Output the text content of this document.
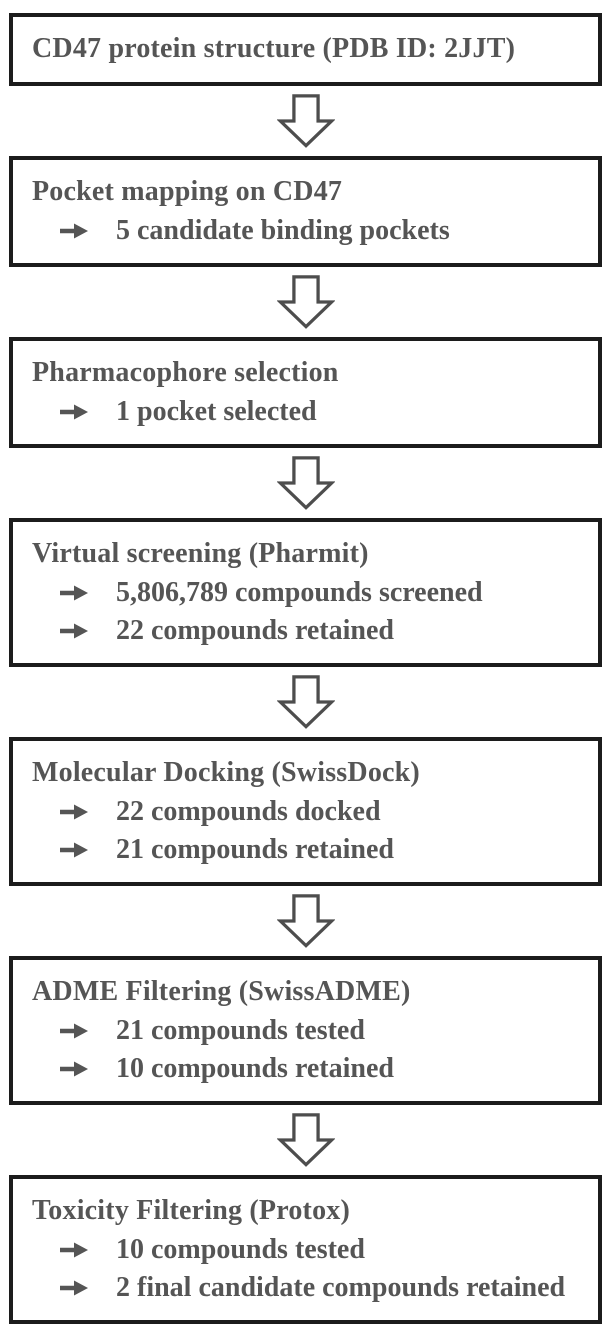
CD47 protein structure (PDB ID: 2JJT)
Pocket mapping on CD47
5 candidate binding pockets
Pharmacophore selection
1 pocket selected
Virtual screening (Pharmit)
5,806,789 compounds screened
22 compounds retained
Molecular Docking (SwissDock)
22 compounds docked
21 compounds retained
ADME Filtering (SwissADME)
21 compounds tested
10 compounds retained
Toxicity Filtering (Protox)
10 compounds tested
2 final candidate compounds retained
